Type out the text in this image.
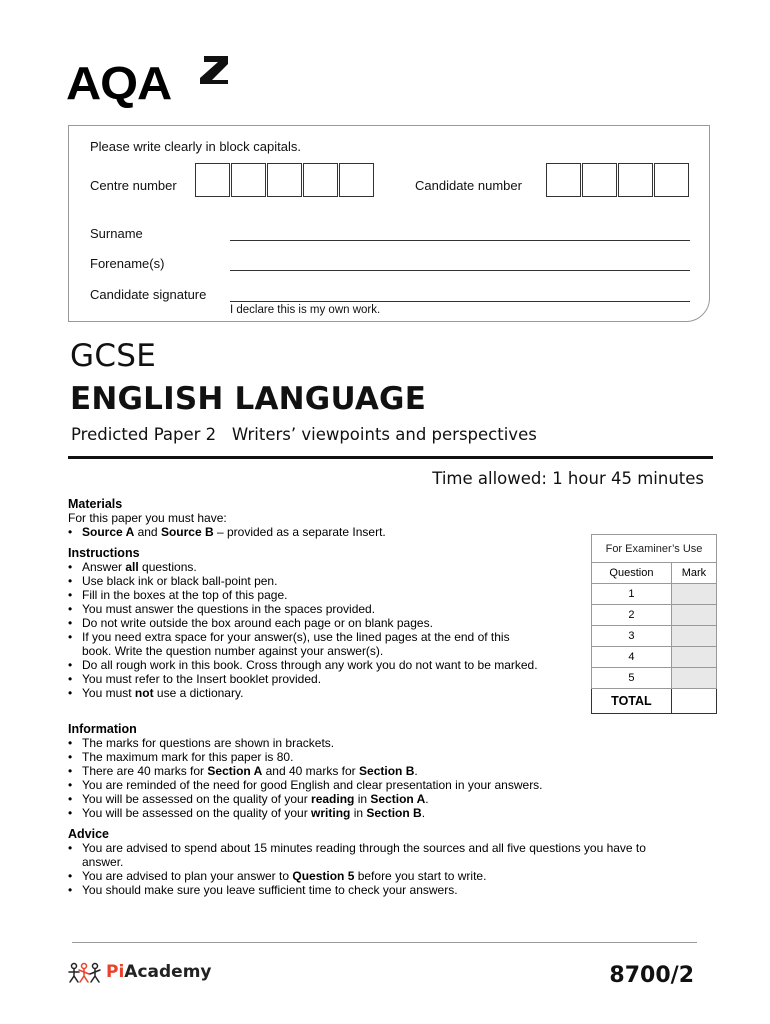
AQA
Please write clearly in block capitals.
Centre number	Candidate number
Surname
Forename(s)
Candidate signature
I declare this is my own work.
GCSE
ENGLISH LANGUAGE
Predicted Paper 2   Writers’ viewpoints and perspectives
Time allowed: 1 hour 45 minutes
Materials
For this paper you must have:
• Source A and Source B – provided as a separate Insert.
Instructions
• Answer all questions.
• Use black ink or black ball-point pen.
• Fill in the boxes at the top of this page.
• You must answer the questions in the spaces provided.
• Do not write outside the box around each page or on blank pages.
• If you need extra space for your answer(s), use the lined pages at the end of this book. Write the question number against your answer(s).
• Do all rough work in this book. Cross through any work you do not want to be marked.
• You must refer to the Insert booklet provided.
• You must not use a dictionary.
For Examiner’s Use	
Question	Mark
1	
2	
3	
4	
5	
TOTAL	
Information
• The marks for questions are shown in brackets.
• The maximum mark for this paper is 80.
• There are 40 marks for Section A and 40 marks for Section B.
• You are reminded of the need for good English and clear presentation in your answers.
• You will be assessed on the quality of your reading in Section A.
• You will be assessed on the quality of your writing in Section B.
Advice
• You are advised to spend about 15 minutes reading through the sources and all five questions you have to answer.
• You are advised to plan your answer to Question 5 before you start to write.
• You should make sure you leave sufficient time to check your answers.
PiAcademy	8700/2
